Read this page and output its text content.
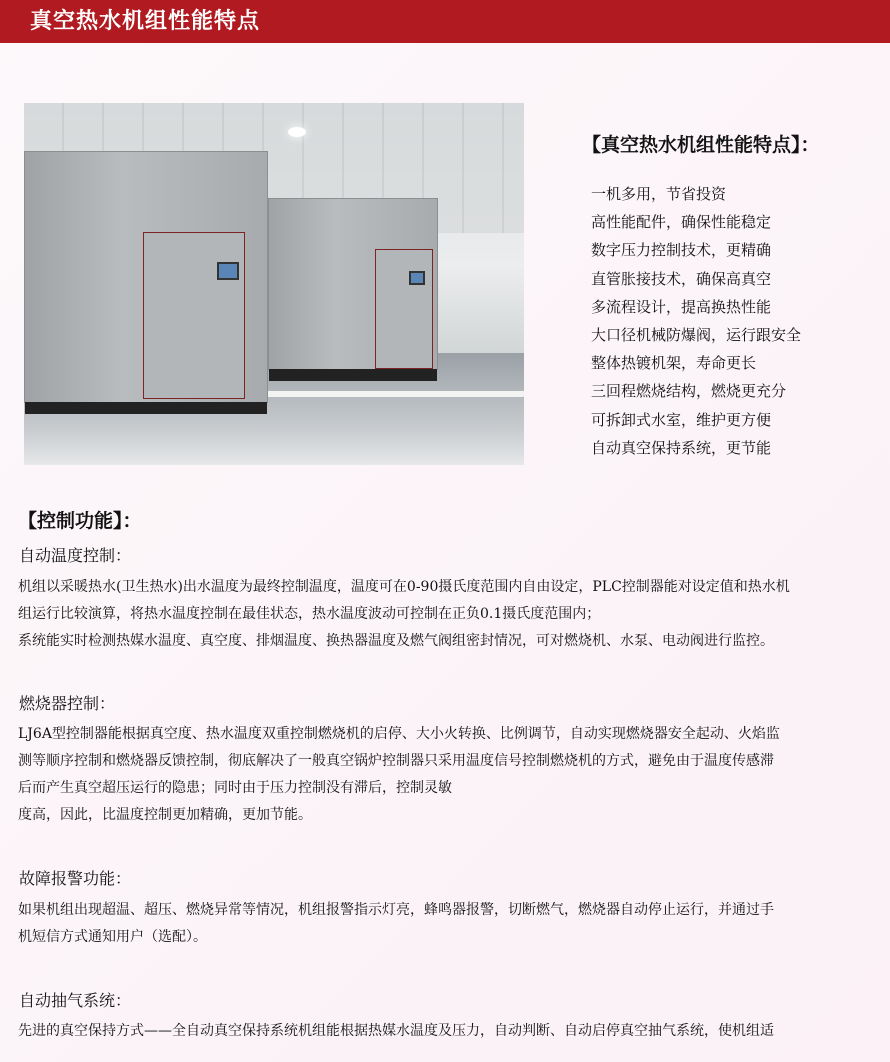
真空热水机组性能特点
【真空热水机组性能特点】：
一机多用，节省投资
高性能配件，确保性能稳定
数字压力控制技术，更精确
直管胀接技术，确保高真空
多流程设计，提高换热性能
大口径机械防爆阀，运行跟安全
整体热镀机架，寿命更长
三回程燃烧结构，燃烧更充分
可拆卸式水室，维护更方便
自动真空保持系统，更节能
【控制功能】：
自动温度控制：

机组以采暖热水(卫生热水)出水温度为最终控制温度，温度可在0-90摄氏度范围内自由设定，PLC控制器能对设定值和热水机
组运行比较演算，将热水温度控制在最佳状态，热水温度波动可控制在正负0.1摄氏度范围内；
系统能实时检测热媒水温度、真空度、排烟温度、换热器温度及燃气阀组密封情况，可对燃烧机、水泵、电动阀进行监控。

燃烧器控制：

LJ6A型控制器能根据真空度、热水温度双重控制燃烧机的启停、大小火转换、比例调节，自动实现燃烧器安全起动、火焰监
测等顺序控制和燃烧器反馈控制，彻底解决了一般真空锅炉控制器只采用温度信号控制燃烧机的方式，避免由于温度传感滞
后而产生真空超压运行的隐患；同时由于压力控制没有滞后，控制灵敏
度高，因此，比温度控制更加精确，更加节能。

故障报警功能：

如果机组出现超温、超压、燃烧异常等情况，机组报警指示灯亮，蜂鸣器报警，切断燃气，燃烧器自动停止运行，并通过手
机短信方式通知用户（选配）。

自动抽气系统：

先进的真空保持方式——全自动真空保持系统机组能根据热媒水温度及压力，自动判断、自动启停真空抽气系统，使机组适
